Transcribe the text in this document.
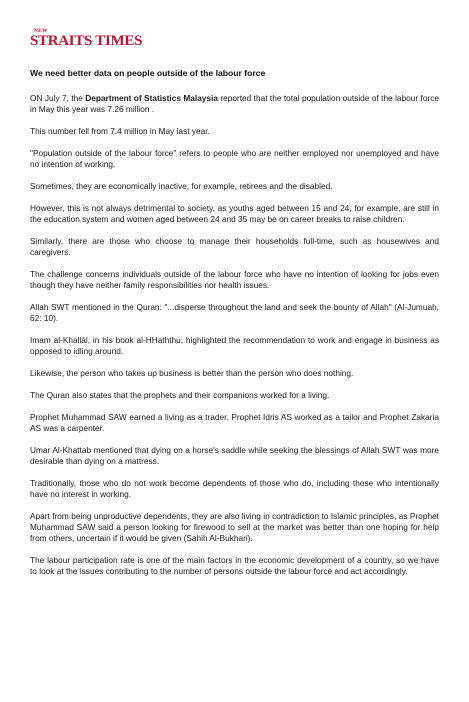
NEW
STRAITS TIMES
We need better data on people outside of the labour force

ON July 7, the Department of Statistics Malaysia reported that the total population outside of the labour force in May this year was 7.26 million .

This number fell from 7.4 million in May last year.

"Population outside of the labour force" refers to people who are neither employed nor unemployed and have no intention of working.

Sometimes, they are economically inactive, for example, retirees and the disabled.

However, this is not always detrimental to society, as youths aged between 15 and 24, for example, are still in the education system and women aged between 24 and 35 may be on career breaks to raise children.

Similarly, there are those who choose to manage their households full-time, such as housewives and caregivers.

The challenge concerns individuals outside of the labour force who have no intention of looking for jobs even though they have neither family responsibilities nor health issues.

Allah SWT mentioned in the Quran: "...disperse throughout the land and seek the bounty of Allah" (Al-Jumuah, 62: 10).

Imam al-Khallāl, in his book al-HHaththu, highlighted the recommendation to work and engage in business as opposed to idling around.

Likewise, the person who takes up business is better than the person who does nothing.

The Quran also states that the prophets and their companions worked for a living.

Prophet Muhammad SAW earned a living as a trader. Prophet Idris AS worked as a tailor and Prophet Zakaria AS was a carpenter.

Umar Al-Khattab mentioned that dying on a horse's saddle while seeking the blessings of Allah SWT was more desirable than dying on a mattress.

Traditionally, those who do not work become dependents of those who do, including those who intentionally have no interest in working.

Apart from being unproductive dependents, they are also living in contradiction to Islamic principles, as Prophet Muhammad SAW said a person looking for firewood to sell at the market was better than one hoping for help from others, uncertain if it would be given (Sahih Al-Bukhari).

The labour participation rate is one of the main factors in the economic development of a country, so we have to look at the issues contributing to the number of persons outside the labour force and act accordingly.
